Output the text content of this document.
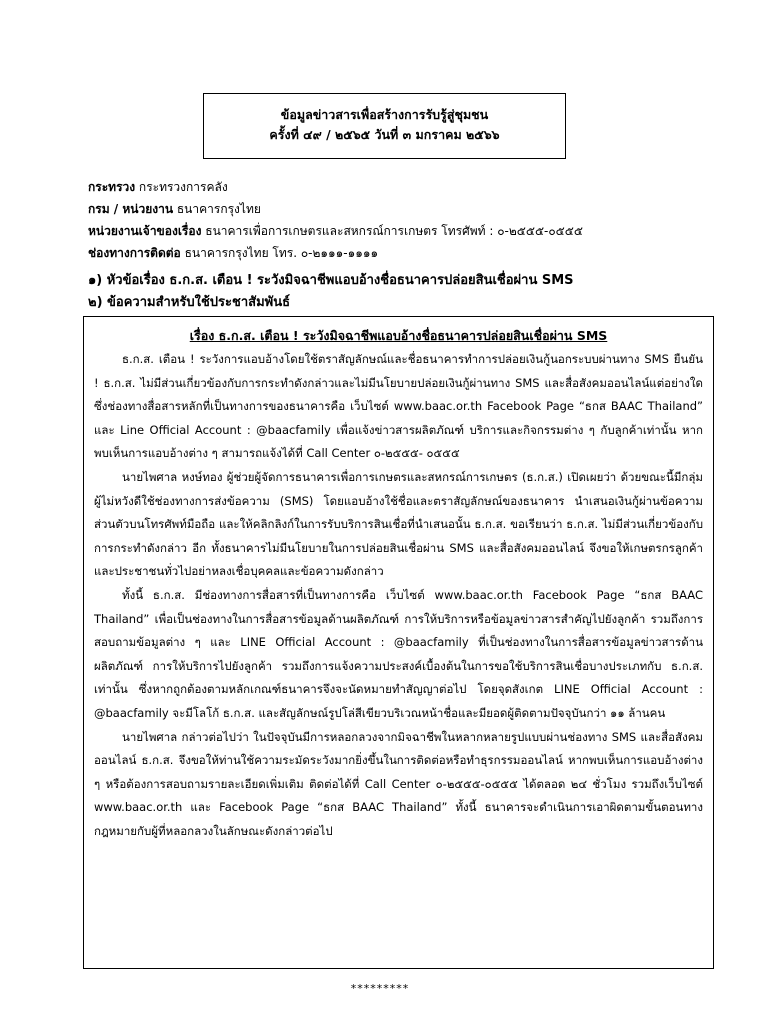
ข้อมูลข่าวสารเพื่อสร้างการรับรู้สู่ชุมชน
ครั้งที่ ๔๙ / ๒๕๖๕ วันที่ ๓ มกราคม ๒๕๖๖
กระทรวง กระทรวงการคลัง
กรม / หน่วยงาน ธนาคารกรุงไทย
หน่วยงานเจ้าของเรื่อง ธนาคารเพื่อการเกษตรและสหกรณ์การเกษตร โทรศัพท์ : ๐-๒๕๕๕-๐๕๕๕
ช่องทางการติดต่อ ธนาคารกรุงไทย โทร. ๐-๒๑๑๑-๑๑๑๑
๑) หัวข้อเรื่อง ธ.ก.ส. เตือน ! ระวังมิจฉาชีพแอบอ้างชื่อธนาคารปล่อยสินเชื่อผ่าน SMS
๒) ข้อความสำหรับใช้ประชาสัมพันธ์
เรื่อง ธ.ก.ส. เตือน ! ระวังมิจฉาชีพแอบอ้างชื่อธนาคารปล่อยสินเชื่อผ่าน SMS

ธ.ก.ส. เตือน ! ระวังการแอบอ้างโดยใช้ตราสัญลักษณ์และชื่อธนาคารทำการปล่อยเงินกู้นอกระบบผ่านทาง SMS ยืนยัน ! ธ.ก.ส. ไม่มีส่วนเกี่ยวข้องกับการกระทำดังกล่าวและไม่มีนโยบายปล่อยเงินกู้ผ่านทาง SMS และสื่อสังคมออนไลน์แต่อย่างใด ซึ่งช่องทางสื่อสารหลักที่เป็นทางการของธนาคารคือ เว็บไซต์ www.baac.or.th Facebook Page “ธกส BAAC Thailand” และ Line Official Account : @baacfamily เพื่อแจ้งข่าวสารผลิตภัณฑ์ บริการและกิจกรรมต่าง ๆ กับลูกค้าเท่านั้น หากพบเห็นการแอบอ้างต่าง ๆ สามารถแจ้งได้ที่ Call Center ๐-๒๕๕๕- ๐๕๕๕

นายไพศาล หงษ์ทอง ผู้ช่วยผู้จัดการธนาคารเพื่อการเกษตรและสหกรณ์การเกษตร (ธ.ก.ส.) เปิดเผยว่า ด้วยขณะนี้มีกลุ่มผู้ไม่หวังดีใช้ช่องทางการส่งข้อความ (SMS) โดยแอบอ้างใช้ชื่อและตราสัญลักษณ์ของธนาคาร นำเสนอเงินกู้ผ่านข้อความส่วนตัวบนโทรศัพท์มือถือ และให้คลิกลิงก์ในการรับบริการสินเชื่อที่นำเสนอนั้น ธ.ก.ส. ขอเรียนว่า ธ.ก.ส. ไม่มีส่วนเกี่ยวข้องกับการกระทำดังกล่าว อีก ทั้งธนาคารไม่มีนโยบายในการปล่อยสินเชื่อผ่าน SMS และสื่อสังคมออนไลน์ จึงขอให้เกษตรกรลูกค้าและประชาชนทั่วไปอย่าหลงเชื่อบุคคลและข้อความดังกล่าว

ทั้งนี้ ธ.ก.ส. มีช่องทางการสื่อสารที่เป็นทางการคือ เว็บไซต์ www.baac.or.th Facebook Page “ธกส BAAC Thailand” เพื่อเป็นช่องทางในการสื่อสารข้อมูลด้านผลิตภัณฑ์ การให้บริการหรือข้อมูลข่าวสารสำคัญไปยังลูกค้า รวมถึงการสอบถามข้อมูลต่าง ๆ และ LINE Official Account : @baacfamily ที่เป็นช่องทางในการสื่อสารข้อมูลข่าวสารด้านผลิตภัณฑ์ การให้บริการไปยังลูกค้า รวมถึงการแจ้งความประสงค์เบื้องต้นในการขอใช้บริการสินเชื่อบางประเภทกับ ธ.ก.ส. เท่านั้น ซึ่งหากถูกต้องตามหลักเกณฑ์ธนาคารจึงจะนัดหมายทำสัญญาต่อไป โดยจุดสังเกต LINE Official Account : @baacfamily จะมีโลโก้ ธ.ก.ส. และสัญลักษณ์รูปโล่สีเขียวบริเวณหน้าชื่อและมียอดผู้ติดตามปัจจุบันกว่า ๑๑ ล้านคน

นายไพศาล กล่าวต่อไปว่า ในปัจจุบันมีการหลอกลวงจากมิจฉาชีพในหลากหลายรูปแบบผ่านช่องทาง SMS และสื่อสังคมออนไลน์ ธ.ก.ส. จึงขอให้ท่านใช้ความระมัดระวังมากยิ่งขึ้นในการติดต่อหรือทำธุรกรรมออนไลน์ หากพบเห็นการแอบอ้างต่าง ๆ หรือต้องการสอบถามรายละเอียดเพิ่มเติม ติดต่อได้ที่ Call Center ๐-๒๕๕๕-๐๕๕๕ ได้ตลอด ๒๔ ชั่วโมง รวมถึงเว็บไซต์ www.baac.or.th และ Facebook Page “ธกส BAAC Thailand” ทั้งนี้ ธนาคารจะดำเนินการเอาผิดตามขั้นตอนทางกฎหมายกับผู้ที่หลอกลวงในลักษณะดังกล่าวต่อไป

*********
